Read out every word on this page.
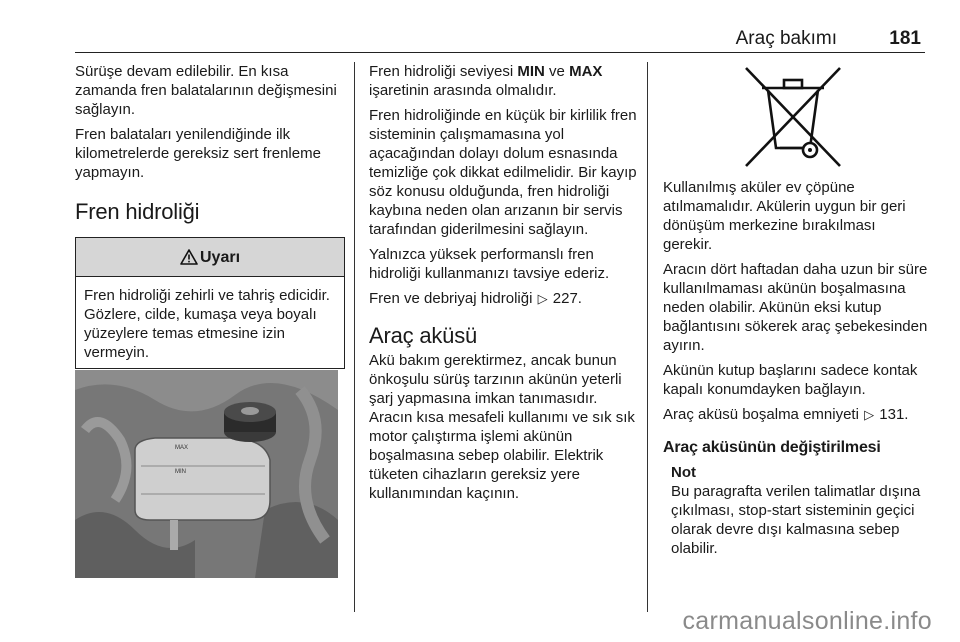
Araç bakımı	181

Sürüşe devam edilebilir. En kısa zamanda fren balatalarının değişmesini sağlayın.

Fren balataları yenilendiğinde ilk kilometrelerde gereksiz sert frenleme yapmayın.

Fren hidroliği
Uyarı
Fren hidroliği zehirli ve tahriş edicidir. Gözlere, cilde, kumaşa veya boyalı yüzeylere temas etmesine izin vermeyin.
MAX
MIN

Fren hidroliği seviyesi MIN ve MAX işaretinin arasında olmalıdır.

Fren hidroliğinde en küçük bir kirlilik fren sisteminin çalışmamasına yol açacağından dolayı dolum esnasında temizliğe çok dikkat edilmelidir. Bir kayıp söz konusu olduğunda, fren hidroliği kaybına neden olan arızanın bir servis tarafından giderilmesini sağlayın.

Yalnızca yüksek performanslı fren hidroliği kullanmanızı tavsiye ederiz.

Fren ve debriyaj hidroliği ▷ 227.

Araç aküsü

Akü bakım gerektirmez, ancak bunun önkoşulu sürüş tarzının akünün yeterli şarj yapmasına imkan tanımasıdır. Aracın kısa mesafeli kullanımı ve sık sık motor çalıştırma işlemi akünün boşalmasına sebep olabilir. Elektrik tüketen cihazların gereksiz yere kullanımından kaçının.

Kullanılmış aküler ev çöpüne atılmamalıdır. Akülerin uygun bir geri dönüşüm merkezine bırakılması gerekir.

Aracın dört haftadan daha uzun bir süre kullanılmaması akünün boşalmasına neden olabilir. Akünün eksi kutup bağlantısını sökerek araç şebekesinden ayırın.

Akünün kutup başlarını sadece kontak kapalı konumdayken bağlayın.

Araç aküsü boşalma emniyeti ▷ 131.

Araç aküsünün değiştirilmesi
Not
Bu paragrafta verilen talimatlar dışına çıkılması, stop-start sisteminin geçici olarak devre dışı kalmasına sebep olabilir.
carmanualsonline.info
